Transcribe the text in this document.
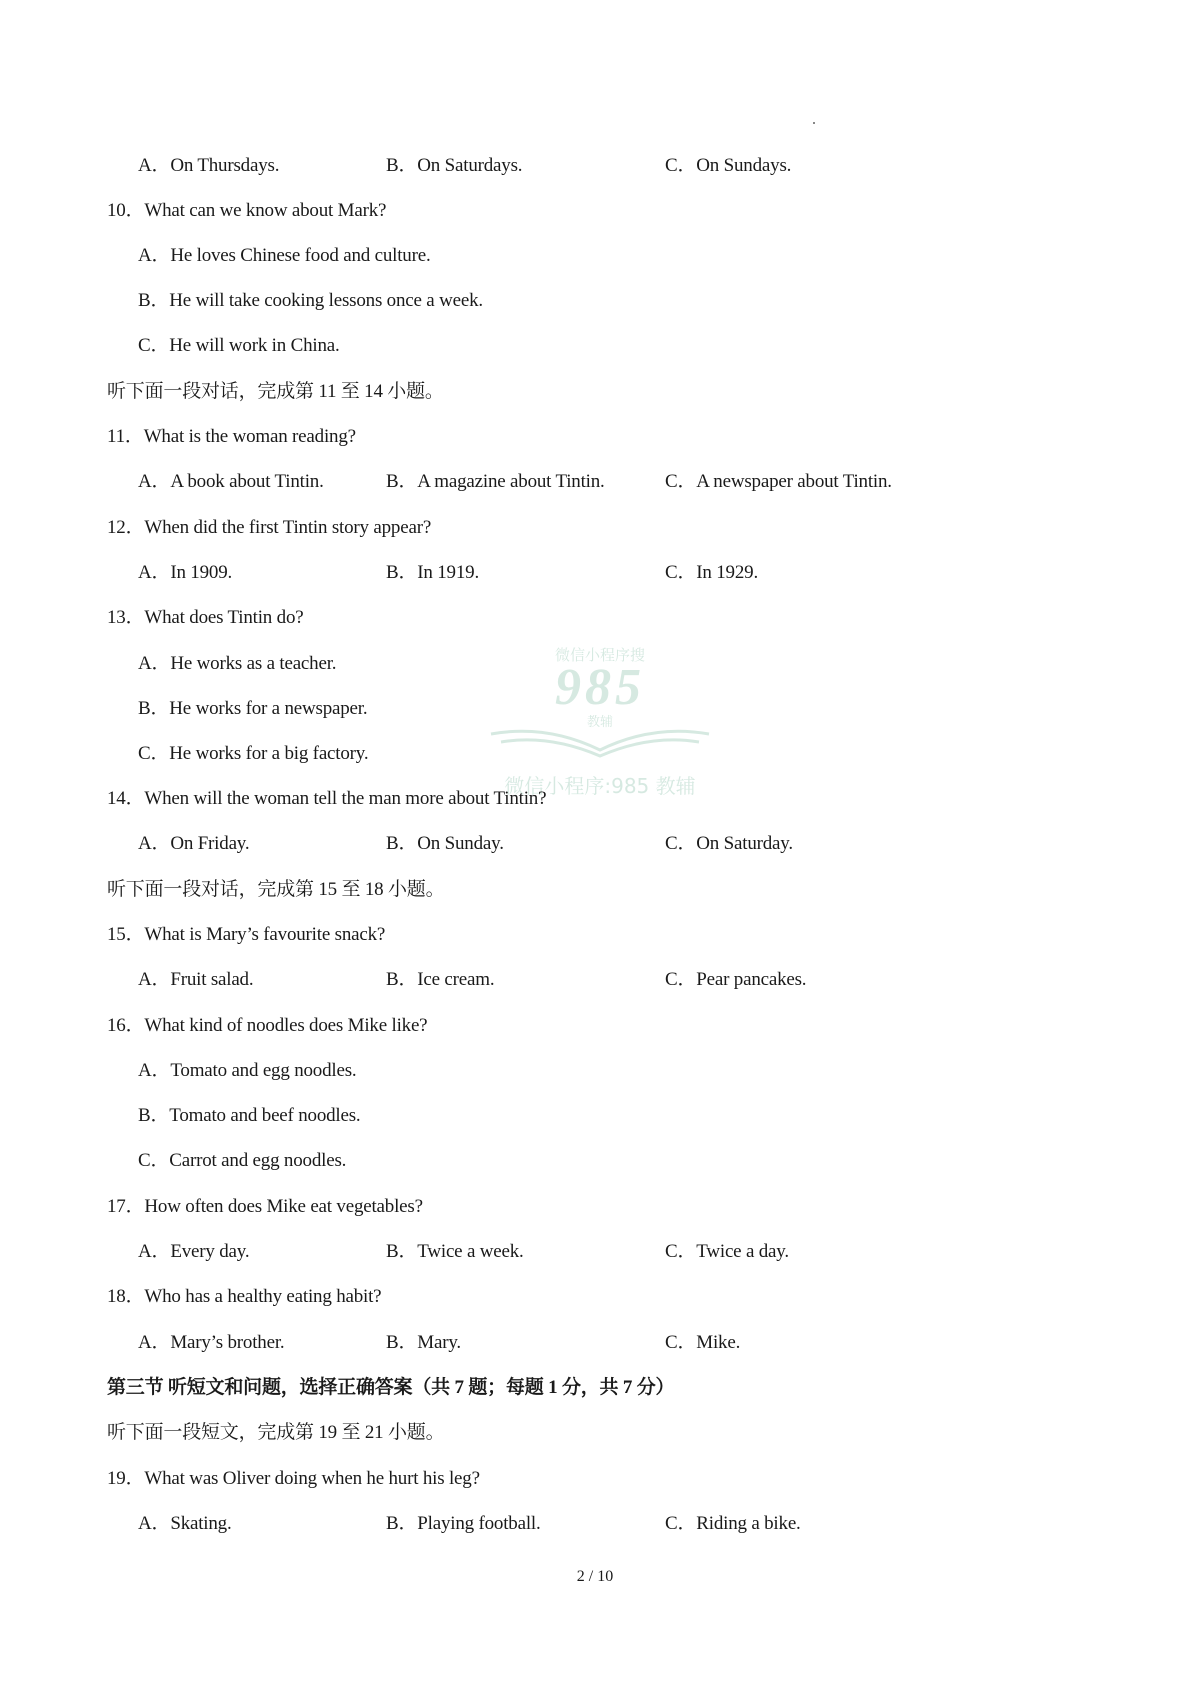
A．On Thursdays.	B．On Saturdays.	C．On Sundays.
10．What can we know about Mark?
A．He loves Chinese food and culture.
B．He will take cooking lessons once a week.
C．He will work in China.
听下面一段对话，完成第 11 至 14 小题。
11．What is the woman reading?
A．A book about Tintin.	B．A magazine about Tintin.	C．A newspaper about Tintin.
12．When did the first Tintin story appear?
A．In 1909.	B．In 1919.	C．In 1929.
13．What does Tintin do?
A．He works as a teacher.
B．He works for a newspaper.
C．He works for a big factory.
微信小程序搜
985
教辅
微信小程序:985 教辅
14．When will the woman tell the man more about Tintin?
A．On Friday.	B．On Sunday.	C．On Saturday.
听下面一段对话，完成第 15 至 18 小题。
15．What is Mary’s favourite snack?
A．Fruit salad.	B．Ice cream.	C．Pear pancakes.
16．What kind of noodles does Mike like?
A．Tomato and egg noodles.
B．Tomato and beef noodles.
C．Carrot and egg noodles.
17．How often does Mike eat vegetables?
A．Every day.	B．Twice a week.	C．Twice a day.
18．Who has a healthy eating habit?
A．Mary’s brother.	B．Mary.	C．Mike.
第三节 听短文和问题，选择正确答案（共 7 题；每题 1 分，共 7 分）
听下面一段短文，完成第 19 至 21 小题。
19．What was Oliver doing when he hurt his leg?
A．Skating.	B．Playing football.	C．Riding a bike.
2 / 10
